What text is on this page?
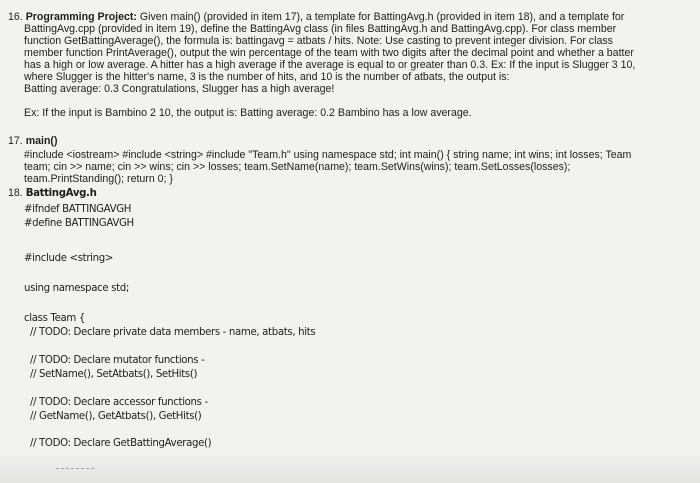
16. Programming Project: Given main() (provided in item 17), a template for BattingAvg.h (provided in item 18), and a template for
BattingAvg.cpp (provided in item 19), define the BattingAvg class (in files BattingAvg.h and BattingAvg.cpp). For class member
function GetBattingAverage(), the formula is: battingavg = atbats / hits. Note: Use casting to prevent integer division. For class
member function PrintAverage(), output the win percentage of the team with two digits after the decimal point and whether a batter
has a high or low average. A hitter has a high average if the average is equal to or greater than 0.3. Ex: If the input is Slugger 3 10,
where Slugger is the hitter's name, 3 is the number of hits, and 10 is the number of atbats, the output is:
Batting average: 0.3 Congratulations, Slugger has a high average!
Ex: If the input is Bambino 2 10, the output is: Batting average: 0.2 Bambino has a low average.
17. main()
#include <iostream> #include <string> #include "Team.h" using namespace std; int main() { string name; int wins; int losses; Team
team; cin >> name; cin >> wins; cin >> losses; team.SetName(name); team.SetWins(wins); team.SetLosses(losses);
team.PrintStanding(); return 0; }
18. BattingAvg.h
#ifndef BATTINGAVGH
#define BATTINGAVGH
#include <string>
using namespace std;
class Team {
// TODO: Declare private data members - name, atbats, hits
// TODO: Declare mutator functions -
// SetName(), SetAtbats(), SetHits()
// TODO: Declare accessor functions -
// GetName(), GetAtbats(), GetHits()
// TODO: Declare GetBattingAverage()
